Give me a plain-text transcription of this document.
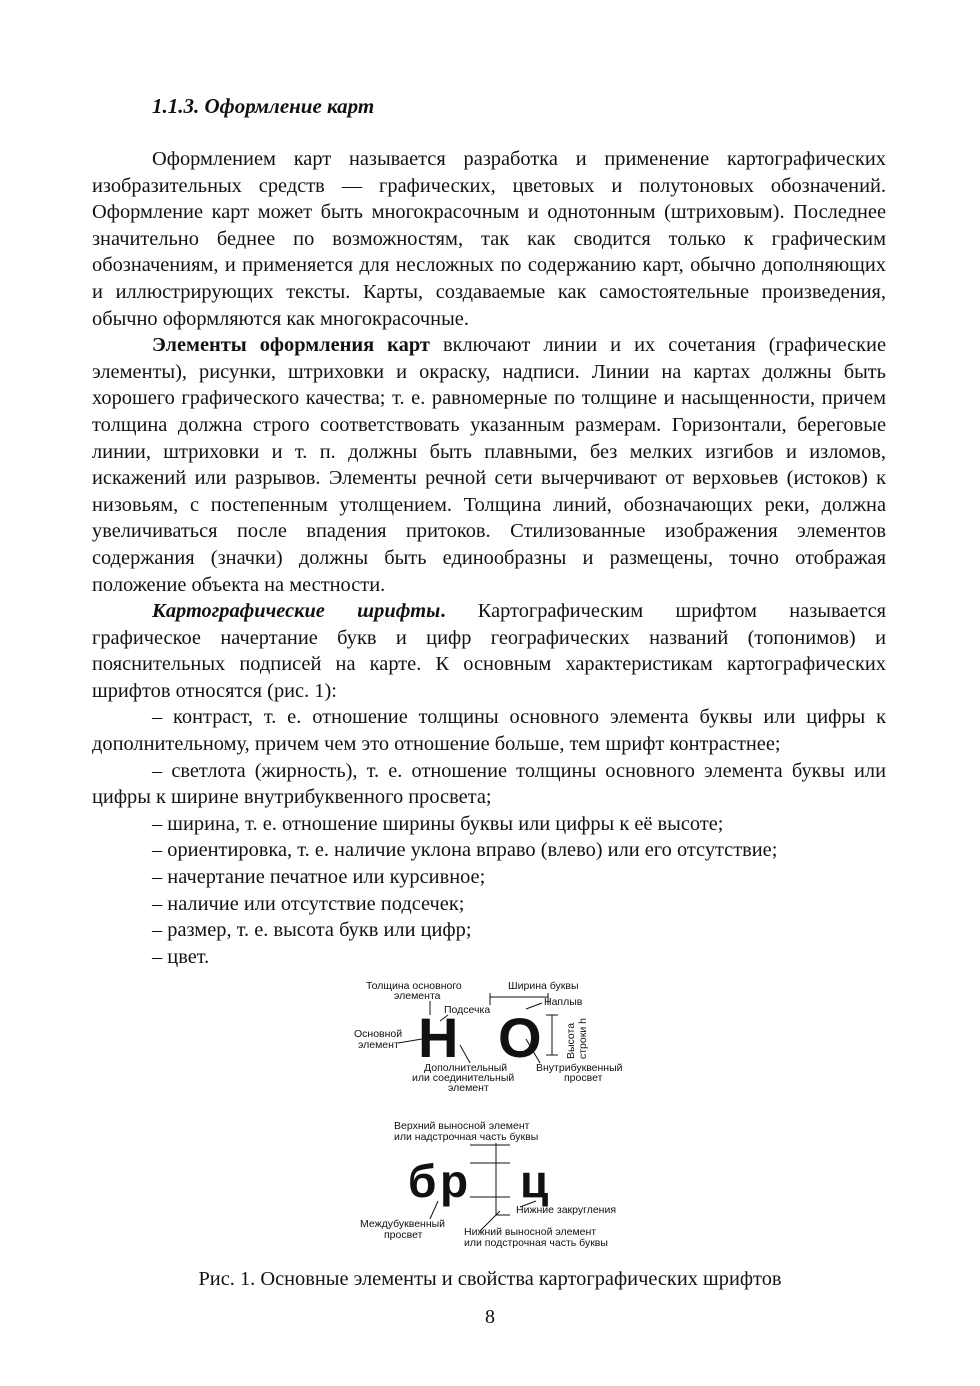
1.1.3. Оформление карт

Оформлением карт называется разработка и применение картографических изобразительных средств — графических, цветовых и полутоновых обозначений. Оформление карт может быть многокрасочным и однотонным (штриховым). Последнее значительно беднее по возможностям, так как сводится только к графическим обозначениям, и применяется для несложных по содержанию карт, обычно дополняющих и иллюстрирующих тексты. Карты, создаваемые как самостоятельные произведения, обычно оформляются как многокрасочные.

Элементы оформления карт включают линии и их сочетания (графические элементы), рисунки, штриховки и окраску, надписи. Линии на картах должны быть хорошего графического качества; т. е. равномерные по толщине и насыщенности, причем толщина должна строго соответствовать указанным размерам. Горизонтали, береговые линии, штриховки и т. п. должны быть плавными, без мелких изгибов и изломов, искажений или разрывов. Элементы речной сети вычерчивают от верховьев (истоков) к низовьям, с постепенным утолщением. Толщина линий, обозначающих реки, должна увеличиваться после впадения притоков. Стилизованные изображения элементов содержания (значки) должны быть единообразны и размещены, точно отображая положение объекта на местности.

Картографические шрифты. Картографическим шрифтом называется графическое начертание букв и цифр географических названий (топонимов) и пояснительных подписей на карте. К основным характеристикам картографических шрифтов относятся (рис. 1):

– контраст, т. е. отношение толщины основного элемента буквы или цифры к дополнительному, причем чем это отношение больше, тем шрифт контрастнее;

– светлота (жирность), т. е. отношение толщины основного элемента буквы или цифры к ширине внутрибуквенного просвета;

– ширина, т. е. отношение ширины буквы или цифры к её высоте;

– ориентировка, т. е. наличие уклона вправо (влево) или его отсутствие;

– начертание печатное или курсивное;

– наличие или отсутствие подсечек;

– размер, т. е. высота букв или цифр;

– цвет.

Н О
Толщина основного
элемента
Подсечка
Ширина буквы
Наплыв
Основной
элемент	Высота строки h
Дополнительный
или соединительный
элемент
Внутрибуквенный
просвет
Верхний выносной элемент
или надстрочная часть буквы
б р ц
Нижние закругления
Междубуквенный
просвет	Нижний выносной элемент
или подстрочная часть буквы

Рис. 1. Основные элементы и свойства картографических шрифтов

8
